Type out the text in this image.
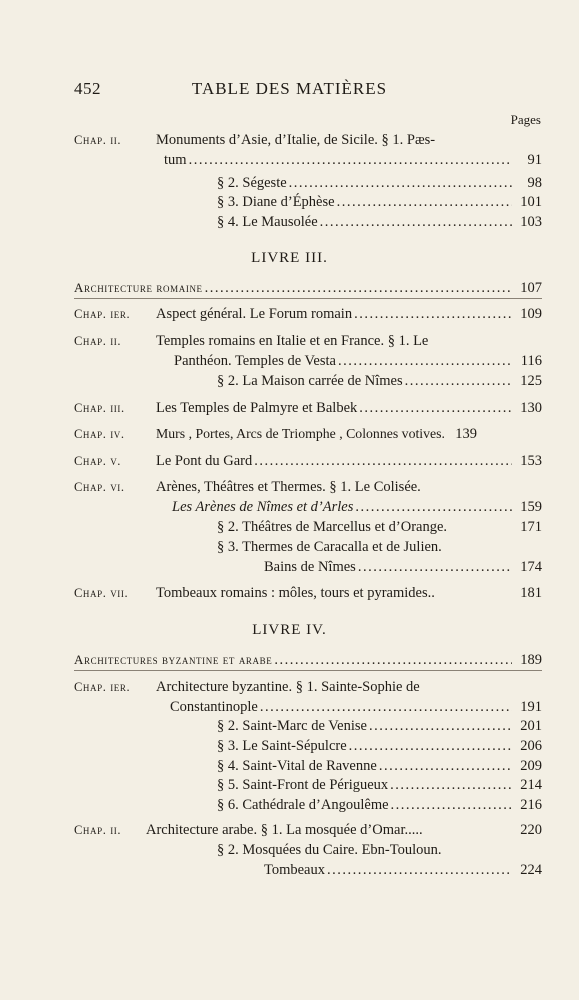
452	TABLE DES MATIÈRES
Pages
Chap. ii. Monuments d’Asie, d’Italie, de Sicile. § 1. Pæs-
tum .....	91
§ 2. Ségeste .....	98
§ 3. Diane d’Éphèse .....	101
§ 4. Le Mausolée .....	103
LIVRE III.
Architecture romaine .....	107
Chap. ier. Aspect général. Le Forum romain .....	109
Chap. ii. Temples romains en Italie et en France. § 1. Le
Panthéon. Temples de Vesta .....	116
§ 2. La Maison carrée de Nîmes .....	125
Chap. iii. Les Temples de Palmyre et Balbek .....	130
Chap. iv. Murs , Portes, Arcs de Triomphe , Colonnes votives. 139
Chap. v. Le Pont du Gard .....	153
Chap. vi. Arènes, Théâtres et Thermes. § 1. Le Colisée.
Les Arènes de Nîmes et d’Arles .....	159
§ 2. Théâtres de Marcellus et d’Orange.	171
§ 3. Thermes de Caracalla et de Julien.
Bains de Nîmes .....	174
Chap. vii. Tombeaux romains : môles, tours et pyramides..	181
LIVRE IV.
Architectures byzantine et arabe .....	189
Chap. ier. Architecture byzantine. § 1. Sainte-Sophie de
Constantinople .....	191
§ 2. Saint-Marc de Venise .....	201
§ 3. Le Saint-Sépulcre .....	206
§ 4. Saint-Vital de Ravenne .....	209
§ 5. Saint-Front de Périgueux .....	214
§ 6. Cathédrale d’Angoulême .....	216
Chap. ii. Architecture arabe. § 1. La mosquée d’Omar.....	220
§ 2. Mosquées du Caire. Ebn-Touloun.
Tombeaux .....	224
